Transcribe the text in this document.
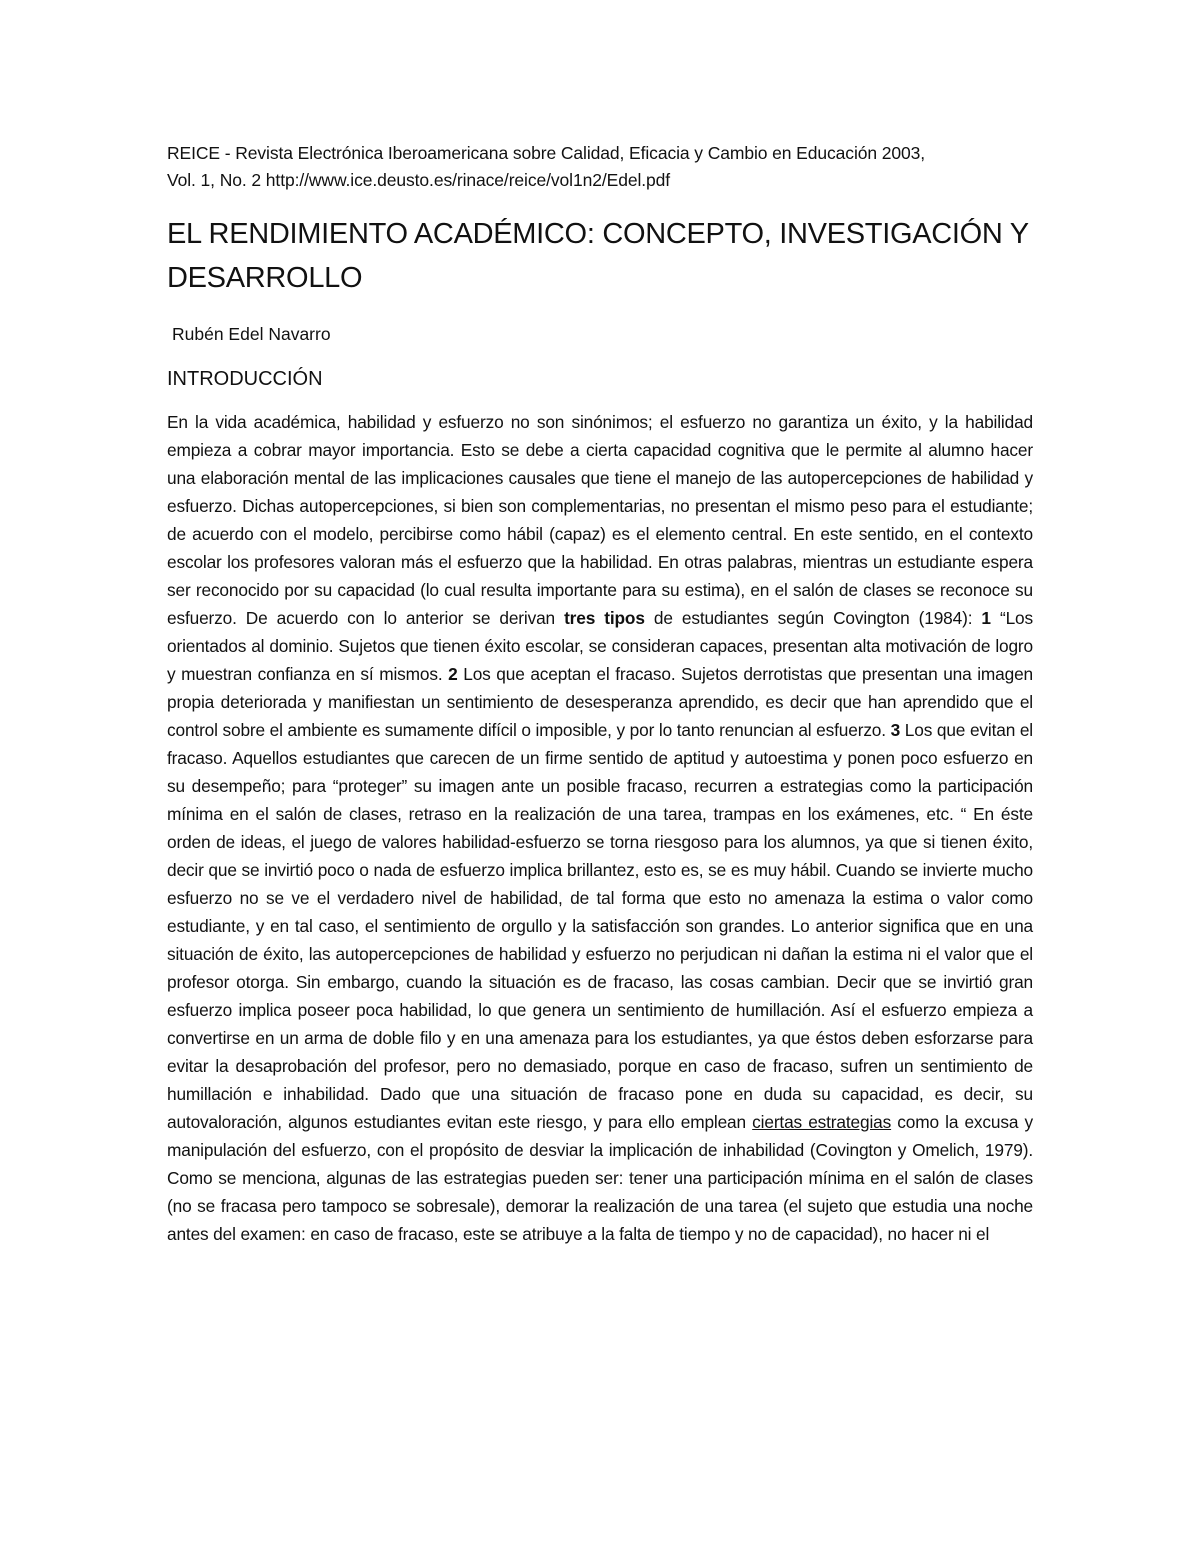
REICE - Revista Electrónica Iberoamericana sobre Calidad, Eficacia y Cambio en Educación 2003,
Vol. 1, No. 2 http://www.ice.deusto.es/rinace/reice/vol1n2/Edel.pdf

EL RENDIMIENTO ACADÉMICO: CONCEPTO, INVESTIGACIÓN Y DESARROLLO

Rubén Edel Navarro

INTRODUCCIÓN

En la vida académica, habilidad y esfuerzo no son sinónimos; el esfuerzo no garantiza un éxito, y la habilidad empieza a cobrar mayor importancia. Esto se debe a cierta capacidad cognitiva que le permite al alumno hacer una elaboración mental de las implicaciones causales que tiene el manejo de las autopercepciones de habilidad y esfuerzo. Dichas autopercepciones, si bien son complementarias, no presentan el mismo peso para el estudiante; de acuerdo con el modelo, percibirse como hábil (capaz) es el elemento central. En este sentido, en el contexto escolar los profesores valoran más el esfuerzo que la habilidad. En otras palabras, mientras un estudiante espera ser reconocido por su capacidad (lo cual resulta importante para su estima), en el salón de clases se reconoce su esfuerzo. De acuerdo con lo anterior se derivan tres tipos de estudiantes según Covington (1984): 1 “Los orientados al dominio. Sujetos que tienen éxito escolar, se consideran capaces, presentan alta motivación de logro y muestran confianza en sí mismos. 2 Los que aceptan el fracaso. Sujetos derrotistas que presentan una imagen propia deteriorada y manifiestan un sentimiento de desesperanza aprendido, es decir que han aprendido que el control sobre el ambiente es sumamente difícil o imposible, y por lo tanto renuncian al esfuerzo. 3 Los que evitan el fracaso. Aquellos estudiantes que carecen de un firme sentido de aptitud y autoestima y ponen poco esfuerzo en su desempeño; para “proteger” su imagen ante un posible fracaso, recurren a estrategias como la participación mínima en el salón de clases, retraso en la realización de una tarea, trampas en los exámenes, etc. “ En éste orden de ideas, el juego de valores habilidad-esfuerzo se torna riesgoso para los alumnos, ya que si tienen éxito, decir que se invirtió poco o nada de esfuerzo implica brillantez, esto es, se es muy hábil. Cuando se invierte mucho esfuerzo no se ve el verdadero nivel de habilidad, de tal forma que esto no amenaza la estima o valor como estudiante, y en tal caso, el sentimiento de orgullo y la satisfacción son grandes. Lo anterior significa que en una situación de éxito, las autopercepciones de habilidad y esfuerzo no perjudican ni dañan la estima ni el valor que el profesor otorga. Sin embargo, cuando la situación es de fracaso, las cosas cambian. Decir que se invirtió gran esfuerzo implica poseer poca habilidad, lo que genera un sentimiento de humillación. Así el esfuerzo empieza a convertirse en un arma de doble filo y en una amenaza para los estudiantes, ya que éstos deben esforzarse para evitar la desaprobación del profesor, pero no demasiado, porque en caso de fracaso, sufren un sentimiento de humillación e inhabilidad. Dado que una situación de fracaso pone en duda su capacidad, es decir, su autovaloración, algunos estudiantes evitan este riesgo, y para ello emplean ciertas estrategias como la excusa y manipulación del esfuerzo, con el propósito de desviar la implicación de inhabilidad (Covington y Omelich, 1979). Como se menciona, algunas de las estrategias pueden ser: tener una participación mínima en el salón de clases (no se fracasa pero tampoco se sobresale), demorar la realización de una tarea (el sujeto que estudia una noche antes del examen: en caso de fracaso, este se atribuye a la falta de tiempo y no de capacidad), no hacer ni el
